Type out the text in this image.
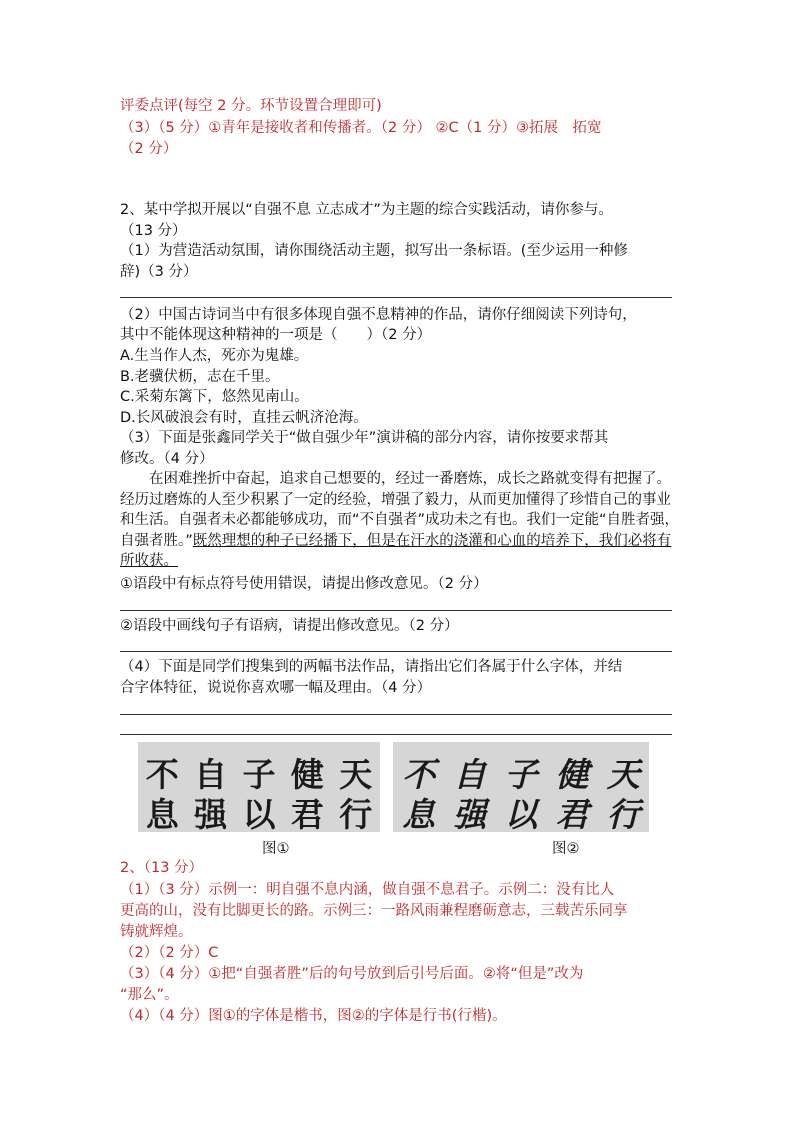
评委点评(每空 2 分。环节设置合理即可)
（3）（5 分）①青年是接收者和传播者。（2 分） ②C（1 分）③拓展　拓宽
（2 分）
2、某中学拟开展以“自强不息 立志成才”为主题的综合实践活动，请你参与。
（13 分）
（1）为营造活动氛围，请你围绕活动主题，拟写出一条标语。(至少运用一种修
辞)（3 分）
（2）中国古诗词当中有很多体现自强不息精神的作品，请你仔细阅读下列诗句，
其中不能体现这种精神的一项是（　　）（2 分）
A.生当作人杰，死亦为鬼雄。
B.老骥伏枥，志在千里。
C.采菊东篱下，悠然见南山。
D.长风破浪会有时，直挂云帆济沧海。
（3）下面是张鑫同学关于“做自强少年”演讲稿的部分内容，请你按要求帮其
修改。（4 分）
在困难挫折中奋起，追求自己想要的，经过一番磨炼，成长之路就变得有把握了。经历过磨炼的人至少积累了一定的经验，增强了毅力，从而更加懂得了珍惜自己的事业和生活。自强者未必都能够成功，而“不自强者”成功未之有也。我们一定能“自胜者强，自强者胜。”既然理想的种子已经播下，但是在汗水的浇灌和心血的培养下，我们必将有所收获。
①语段中有标点符号使用错误，请提出修改意见。（2 分）
②语段中画线句子有语病，请提出修改意见。（2 分）
（4）下面是同学们搜集到的两幅书法作品，请指出它们各属于什么字体，并结
合字体特征，说说你喜欢哪一幅及理由。（4 分）
不 自 子 健 天
息 强 以 君 行
不 自 子 健 天
息 强 以 君 行
图①	图②
2、（13 分）
（1）（3 分）示例一：明自强不息内涵，做自强不息君子。示例二：没有比人
更高的山，没有比脚更长的路。示例三：一路风雨兼程磨砺意志，三载苦乐同享
铸就辉煌。
（2）（2 分）C
（3）（4 分）①把“自强者胜”后的句号放到后引号后面。②将“但是”改为
“那么”。
（4）（4 分）图①的字体是楷书，图②的字体是行书(行楷)。
